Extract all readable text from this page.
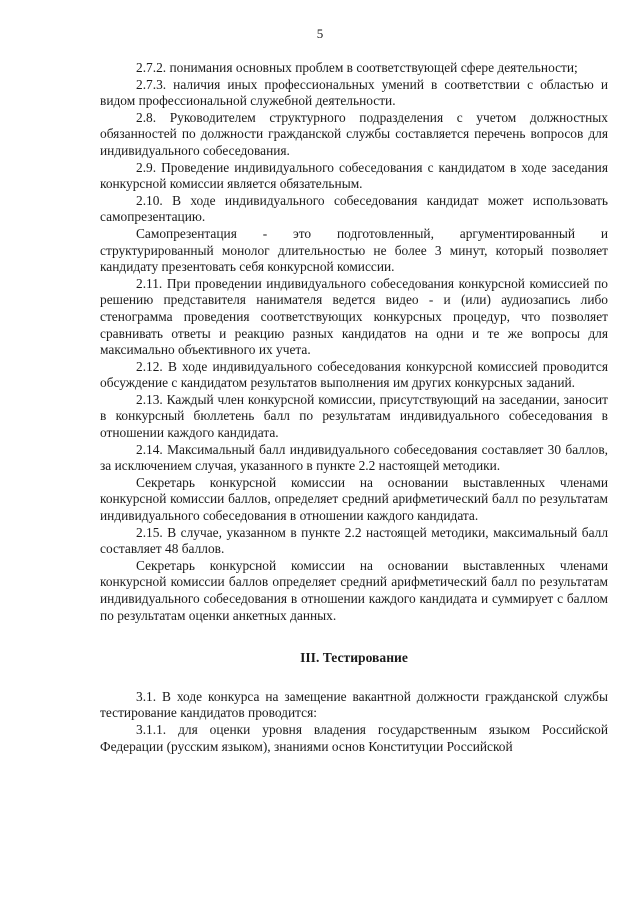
5

2.7.2. понимания основных проблем в соответствующей сфере деятельности;

2.7.3. наличия иных профессиональных умений в соответствии с областью и видом профессиональной служебной деятельности.

2.8. Руководителем структурного подразделения с учетом должностных обязанностей по должности гражданской службы составляется перечень вопросов для индивидуального собеседования.

2.9. Проведение индивидуального собеседования с кандидатом в ходе заседания конкурсной комиссии является обязательным.

2.10. В ходе индивидуального собеседования кандидат может использовать самопрезентацию.

Самопрезентация - это подготовленный, аргументированный и структурированный монолог длительностью не более 3 минут, который позволяет кандидату презентовать себя конкурсной комиссии.

2.11. При проведении индивидуального собеседования конкурсной комиссией по решению представителя нанимателя ведется видео - и (или) аудиозапись либо стенограмма проведения соответствующих конкурсных процедур, что позволяет сравнивать ответы и реакцию разных кандидатов на одни и те же вопросы для максимально объективного их учета.

2.12. В ходе индивидуального собеседования конкурсной комиссией проводится обсуждение с кандидатом результатов выполнения им других конкурсных заданий.

2.13. Каждый член конкурсной комиссии, присутствующий на заседании, заносит в конкурсный бюллетень балл по результатам индивидуального собеседования в отношении каждого кандидата.

2.14. Максимальный балл индивидуального собеседования составляет 30 баллов, за исключением случая, указанного в пункте 2.2 настоящей методики.

Секретарь конкурсной комиссии на основании выставленных членами конкурсной комиссии баллов, определяет средний арифметический балл по результатам индивидуального собеседования в отношении каждого кандидата.

2.15. В случае, указанном в пункте 2.2 настоящей методики, максимальный балл составляет 48 баллов.

Секретарь конкурсной комиссии на основании выставленных членами конкурсной комиссии баллов определяет средний арифметический балл по результатам индивидуального собеседования в отношении каждого кандидата и суммирует с баллом по результатам оценки анкетных данных.

III. Тестирование

3.1. В ходе конкурса на замещение вакантной должности гражданской службы тестирование кандидатов проводится:

3.1.1. для оценки уровня владения государственным языком Российской Федерации (русским языком), знаниями основ Конституции Российской
